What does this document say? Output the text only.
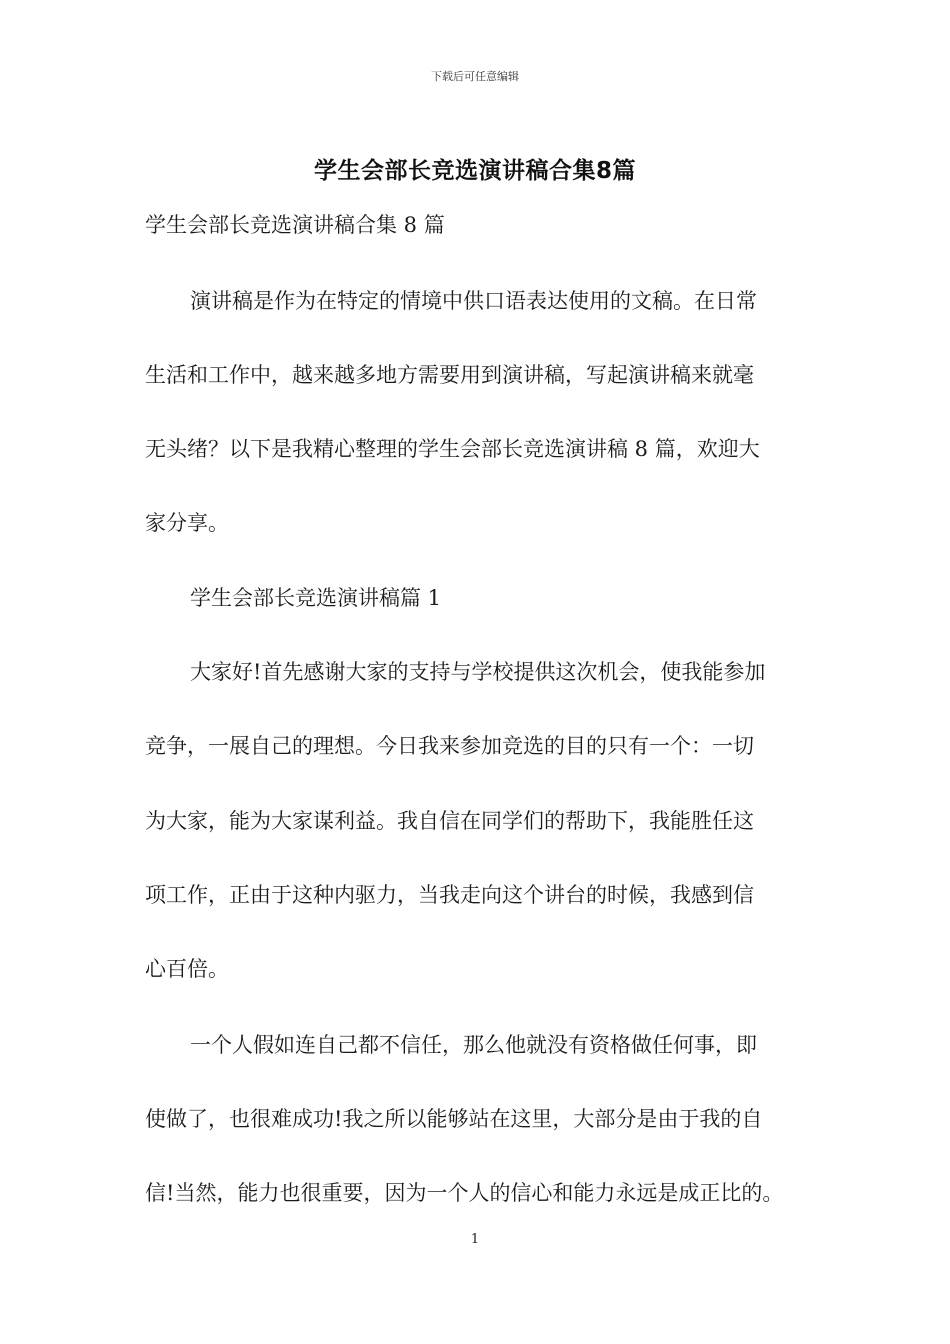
下载后可任意编辑
学生会部长竞选演讲稿合集8篇
学生会部长竞选演讲稿合集 8 篇
演讲稿是作为在特定的情境中供口语表达使用的文稿。在日常
生活和工作中，越来越多地方需要用到演讲稿，写起演讲稿来就毫
无头绪？以下是我精心整理的学生会部长竞选演讲稿 8 篇，欢迎大
家分享。
学生会部长竞选演讲稿篇 1
大家好!首先感谢大家的支持与学校提供这次机会，使我能参加
竞争，一展自己的理想。今日我来参加竞选的目的只有一个：一切
为大家，能为大家谋利益。我自信在同学们的帮助下，我能胜任这
项工作，正由于这种内驱力，当我走向这个讲台的时候，我感到信
心百倍。
一个人假如连自己都不信任，那么他就没有资格做任何事，即
使做了，也很难成功!我之所以能够站在这里，大部分是由于我的自
信!当然，能力也很重要，因为一个人的信心和能力永远是成正比的。
1
